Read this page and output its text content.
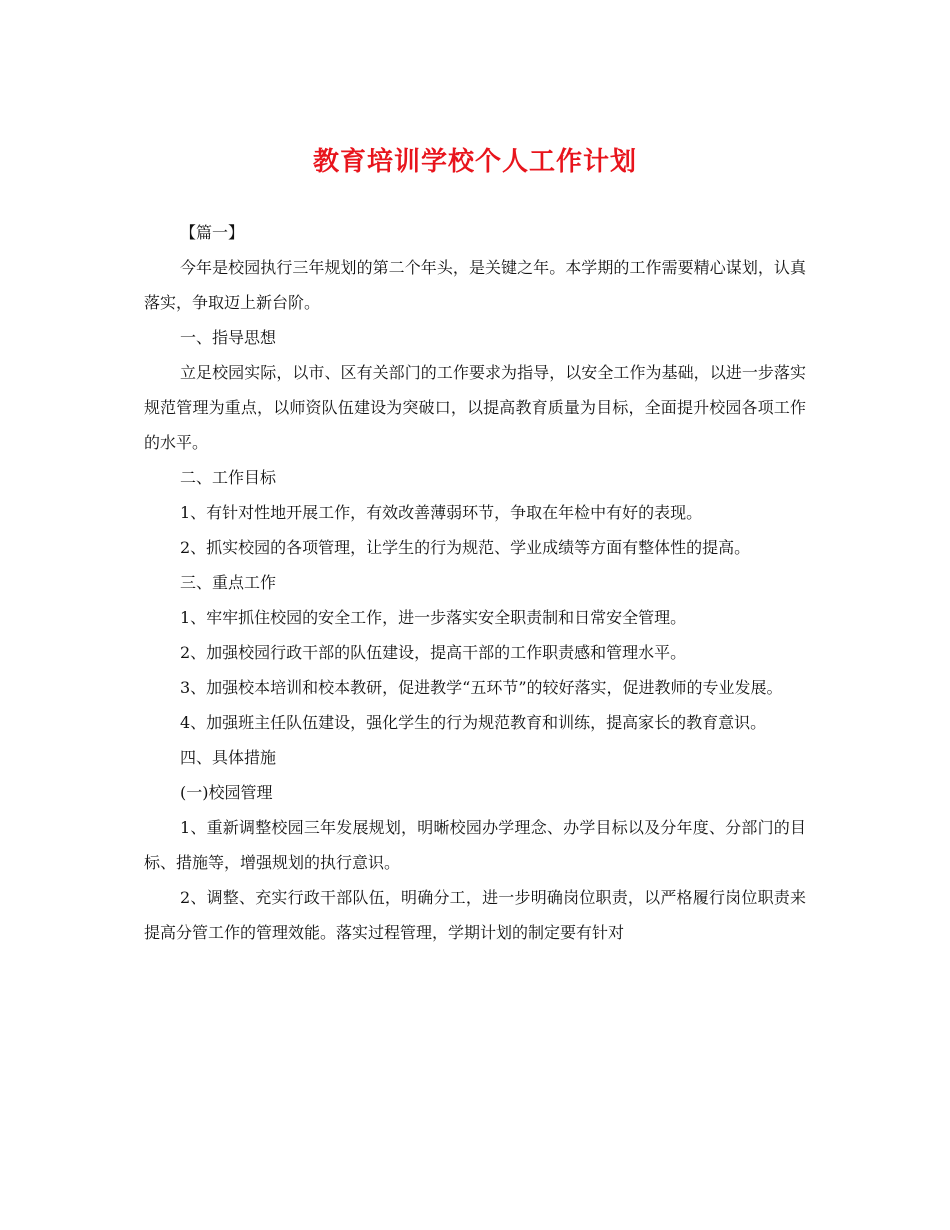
教育培训学校个人工作计划

【篇一】

今年是校园执行三年规划的第二个年头，是关键之年。本学期的工作需要精心谋划，认真落实，争取迈上新台阶。

一、指导思想

立足校园实际，以市、区有关部门的工作要求为指导，以安全工作为基础，以进一步落实规范管理为重点，以师资队伍建设为突破口，以提高教育质量为目标，全面提升校园各项工作的水平。

二、工作目标

1、有针对性地开展工作，有效改善薄弱环节，争取在年检中有好的表现。

2、抓实校园的各项管理，让学生的行为规范、学业成绩等方面有整体性的提高。

三、重点工作

1、牢牢抓住校园的安全工作，进一步落实安全职责制和日常安全管理。

2、加强校园行政干部的队伍建设，提高干部的工作职责感和管理水平。

3、加强校本培训和校本教研，促进教学“五环节”的较好落实，促进教师的专业发展。

4、加强班主任队伍建设，强化学生的行为规范教育和训练，提高家长的教育意识。

四、具体措施

(一)校园管理

1、重新调整校园三年发展规划，明晰校园办学理念、办学目标以及分年度、分部门的目标、措施等，增强规划的执行意识。

2、调整、充实行政干部队伍，明确分工，进一步明确岗位职责，以严格履行岗位职责来提高分管工作的管理效能。落实过程管理，学期计划的制定要有针对
